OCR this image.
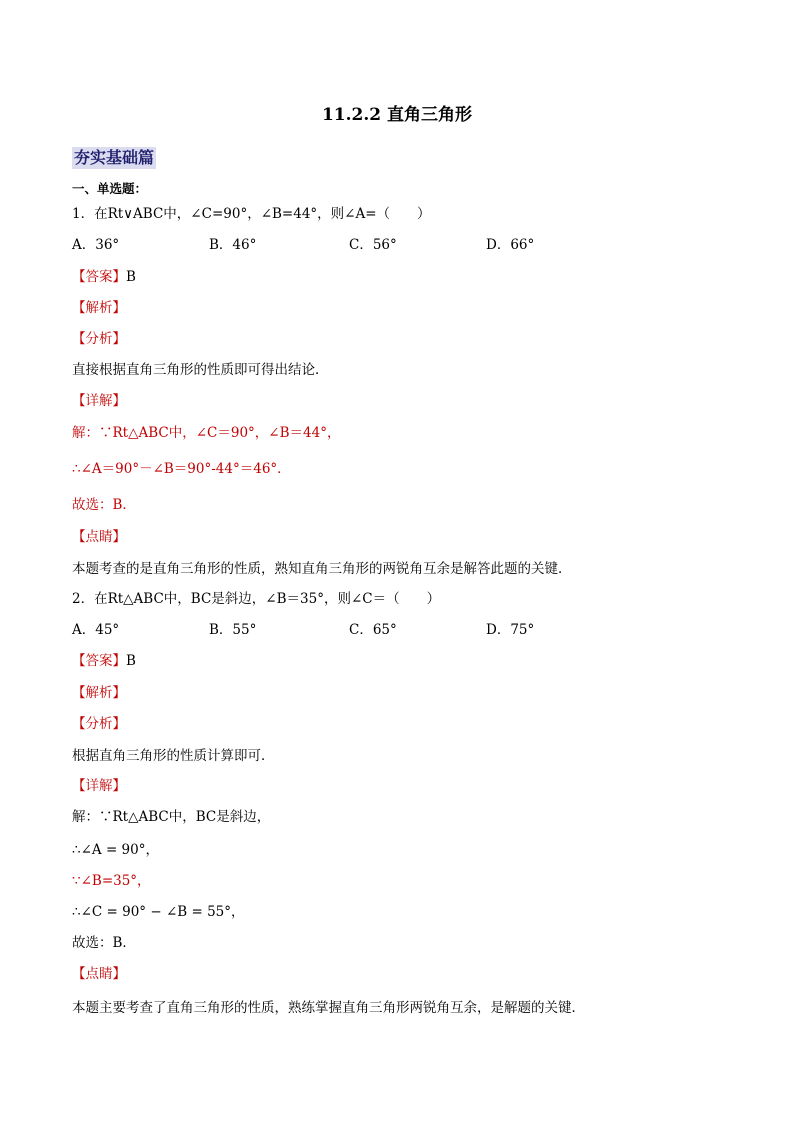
11.2.2 直角三角形
夯实基础篇
一、单选题：
1．在Rt∨ABC中，∠C=90°，∠B=44°，则∠A=（　　）
A．36°	B．46°	C．56°	D．66°
【答案】B
【解析】
【分析】
直接根据直角三角形的性质即可得出结论．
【详解】
解：∵Rt△ABC中，∠C＝90°，∠B＝44°，
∴∠A＝90°－∠B＝90°-44°＝46°．
故选：B．
【点睛】
本题考查的是直角三角形的性质，熟知直角三角形的两锐角互余是解答此题的关键．
2．在Rt△ABC中，BC是斜边，∠B＝35°，则∠C＝（　　）
A．45°	B．55°	C．65°	D．75°
【答案】B
【解析】
【分析】
根据直角三角形的性质计算即可．
【详解】
解：∵Rt△ABC中，BC是斜边，
∴∠A = 90°，
∵∠B=35°，
∴∠C = 90° − ∠B = 55°，
故选：B．
【点睛】
本题主要考查了直角三角形的性质，熟练掌握直角三角形两锐角互余，是解题的关键．
